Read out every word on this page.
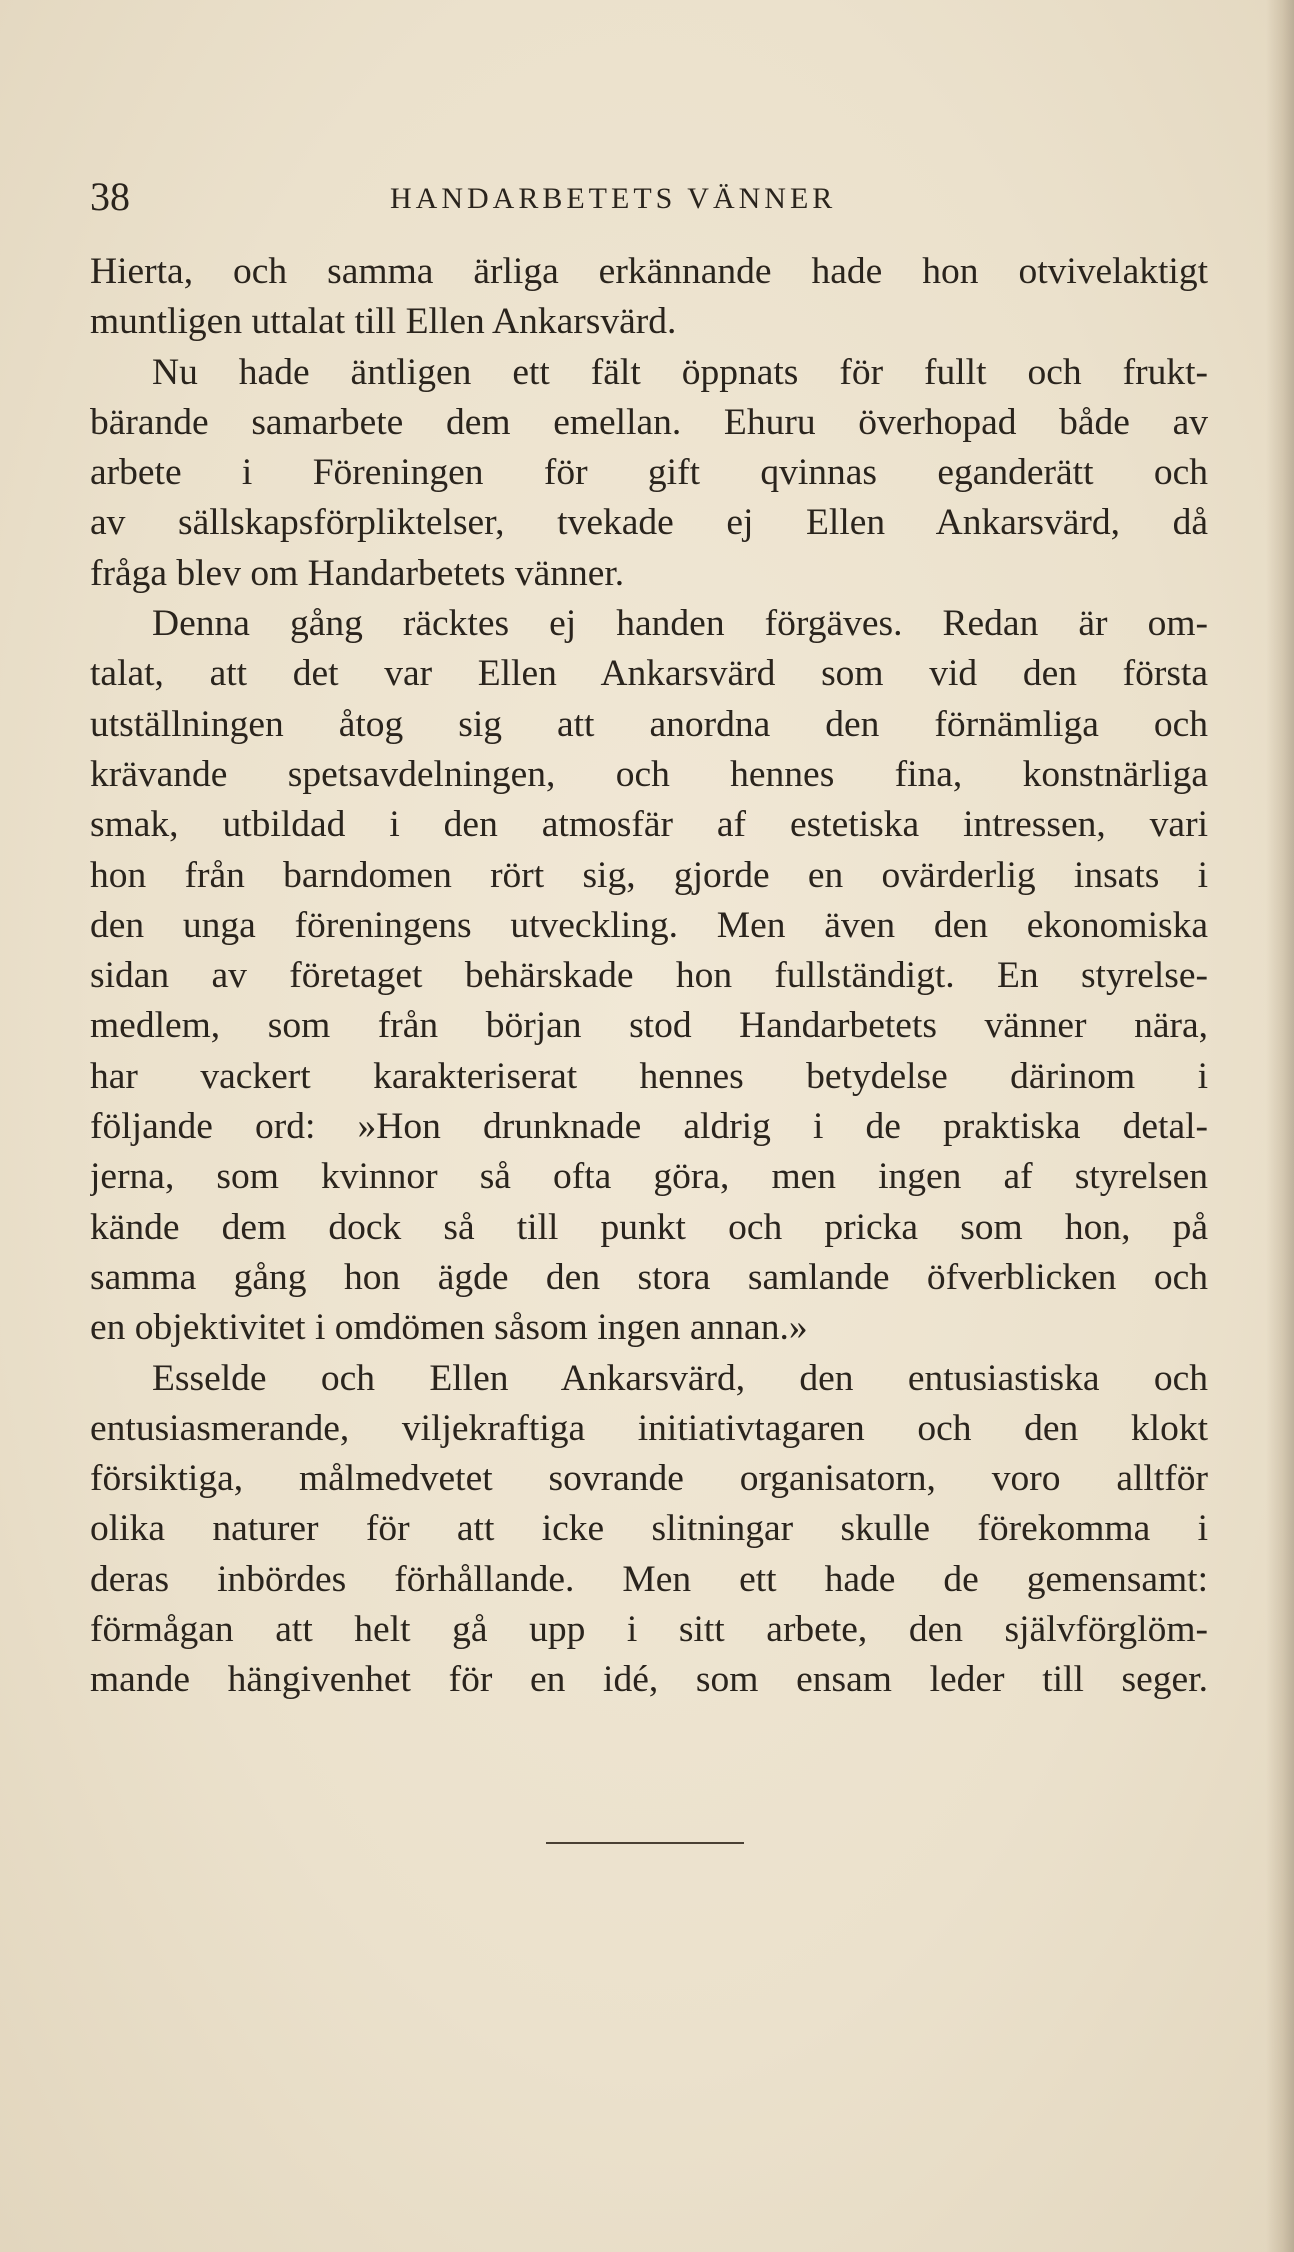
38	HANDARBETETS VÄNNER
Hierta, och samma ärliga erkännande hade hon otvivelaktigt
muntligen uttalat till Ellen Ankarsvärd.
Nu hade äntligen ett fält öppnats för fullt och frukt-
bärande samarbete dem emellan. Ehuru överhopad både av
arbete i Föreningen för gift qvinnas eganderätt och
av sällskapsförpliktelser, tvekade ej Ellen Ankarsvärd, då
fråga blev om Handarbetets vänner.
Denna gång räcktes ej handen förgäves. Redan är om-
talat, att det var Ellen Ankarsvärd som vid den första
utställningen åtog sig att anordna den förnämliga och
krävande spetsavdelningen, och hennes fina, konstnärliga
smak, utbildad i den atmosfär af estetiska intressen, vari
hon från barndomen rört sig, gjorde en ovärderlig insats i
den unga föreningens utveckling. Men även den ekonomiska
sidan av företaget behärskade hon fullständigt. En styrelse-
medlem, som från början stod Handarbetets vänner nära,
har vackert karakteriserat hennes betydelse därinom i
följande ord: »Hon drunknade aldrig i de praktiska detal-
jerna, som kvinnor så ofta göra, men ingen af styrelsen
kände dem dock så till punkt och pricka som hon, på
samma gång hon ägde den stora samlande öfverblicken och
en objektivitet i omdömen såsom ingen annan.»
Esselde och Ellen Ankarsvärd, den entusiastiska och
entusiasmerande, viljekraftiga initiativtagaren och den klokt
försiktiga, målmedvetet sovrande organisatorn, voro alltför
olika naturer för att icke slitningar skulle förekomma i
deras inbördes förhållande. Men ett hade de gemensamt:
förmågan att helt gå upp i sitt arbete, den självförglöm-
mande hängivenhet för en idé, som ensam leder till seger.
